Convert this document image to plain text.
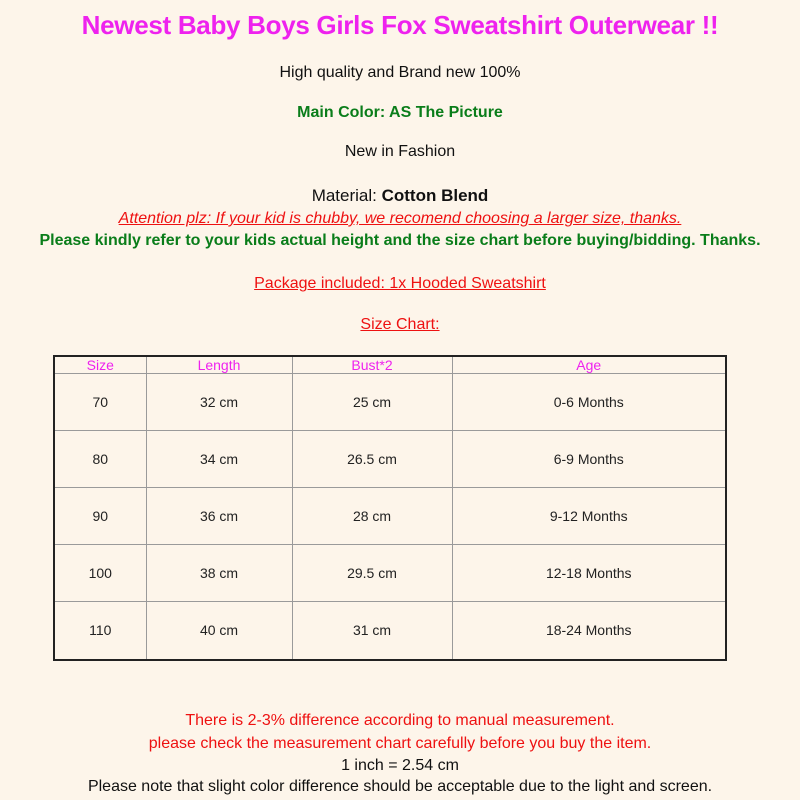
Newest Baby Boys Girls Fox Sweatshirt Outerwear !!
High quality and Brand new 100%
Main Color: AS The Picture
New in Fashion
Material: Cotton Blend
Attention plz: If your kid is chubby, we recomend choosing a larger size, thanks.
Please kindly refer to your kids actual height and the size chart before buying/bidding. Thanks.
Package included: 1x Hooded Sweatshirt
Size Chart:
Size	Length	Bust*2	Age
70	32 cm	25 cm	0-6 Months
80	34 cm	26.5 cm	6-9 Months
90	36 cm	28 cm	9-12 Months
100	38 cm	29.5 cm	12-18 Months
110	40 cm	31 cm	18-24 Months
There is 2-3% difference according to manual measurement.
please check the measurement chart carefully before you buy the item.
1 inch = 2.54 cm
Please note that slight color difference should be acceptable due to the light and screen.
